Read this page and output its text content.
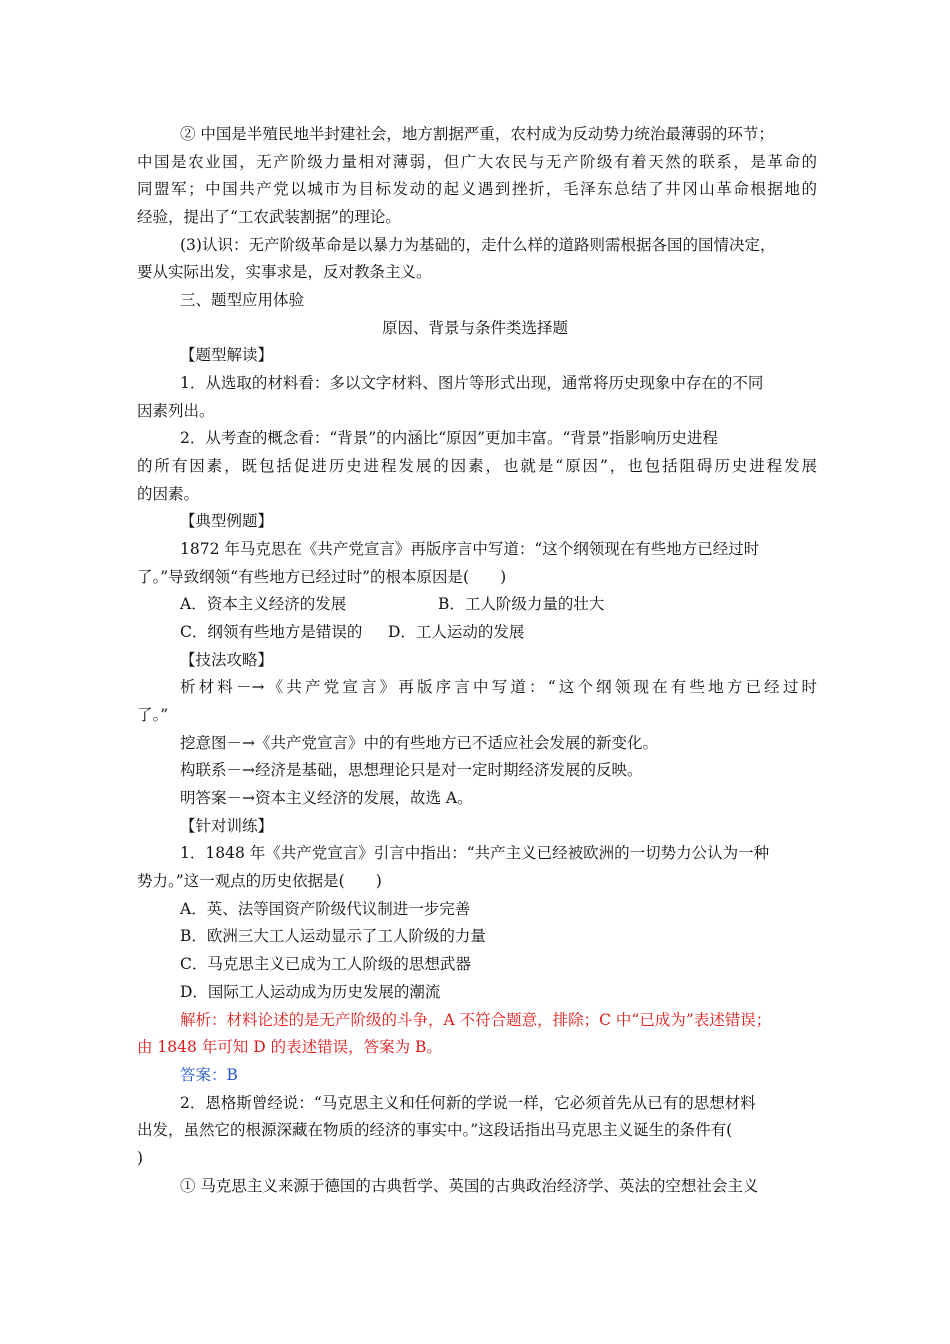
② 中国是半殖民地半封建社会，地方割据严重，农村成为反动势力统治最薄弱的环节；
中国是农业国，无产阶级力量相对薄弱，但广大农民与无产阶级有着天然的联系，是革命的
同盟军；中国共产党以城市为目标发动的起义遇到挫折，毛泽东总结了井冈山革命根据地的
经验，提出了“工农武装割据”的理论。
(3)认识：无产阶级革命是以暴力为基础的，走什么样的道路则需根据各国的国情决定，
要从实际出发，实事求是，反对教条主义。
三、题型应用体验
原因、背景与条件类选择题
【题型解读】
1．从选取的材料看：多以文字材料、图片等形式出现，通常将历史现象中存在的不同
因素列出。
2．从考查的概念看：“背景”的内涵比“原因”更加丰富。“背景”指影响历史进程
的所有因素，既包括促进历史进程发展的因素，也就是“原因”，也包括阻碍历史进程发展
的因素。
【典型例题】
1872 年马克思在《共产党宣言》再版序言中写道：“这个纲领现在有些地方已经过时
了。”导致纲领“有些地方已经过时”的根本原因是(　　)
A．资本主义经济的发展	B．工人阶级力量的壮大
C．纲领有些地方是错误的 D．工人运动的发展
【技法攻略】
析材料－→《共产党宣言》再版序言中写道：“这个纲领现在有些地方已经过时
了。”
挖意图－→《共产党宣言》中的有些地方已不适应社会发展的新变化。
构联系－→经济是基础，思想理论只是对一定时期经济发展的反映。
明答案－→资本主义经济的发展，故选 A。
【针对训练】
1．1848 年《共产党宣言》引言中指出：“共产主义已经被欧洲的一切势力公认为一种
势力。”这一观点的历史依据是(　　)
A．英、法等国资产阶级代议制进一步完善
B．欧洲三大工人运动显示了工人阶级的力量
C．马克思主义已成为工人阶级的思想武器
D．国际工人运动成为历史发展的潮流
解析：材料论述的是无产阶级的斗争，A 不符合题意，排除；C 中“已成为”表述错误；
由 1848 年可知 D 的表述错误，答案为 B。
答案：B
2．恩格斯曾经说：“马克思主义和任何新的学说一样，它必须首先从已有的思想材料
出发，虽然它的根源深藏在物质的经济的事实中。”这段话指出马克思主义诞生的条件有(
)
① 马克思主义来源于德国的古典哲学、英国的古典政治经济学、英法的空想社会主义
